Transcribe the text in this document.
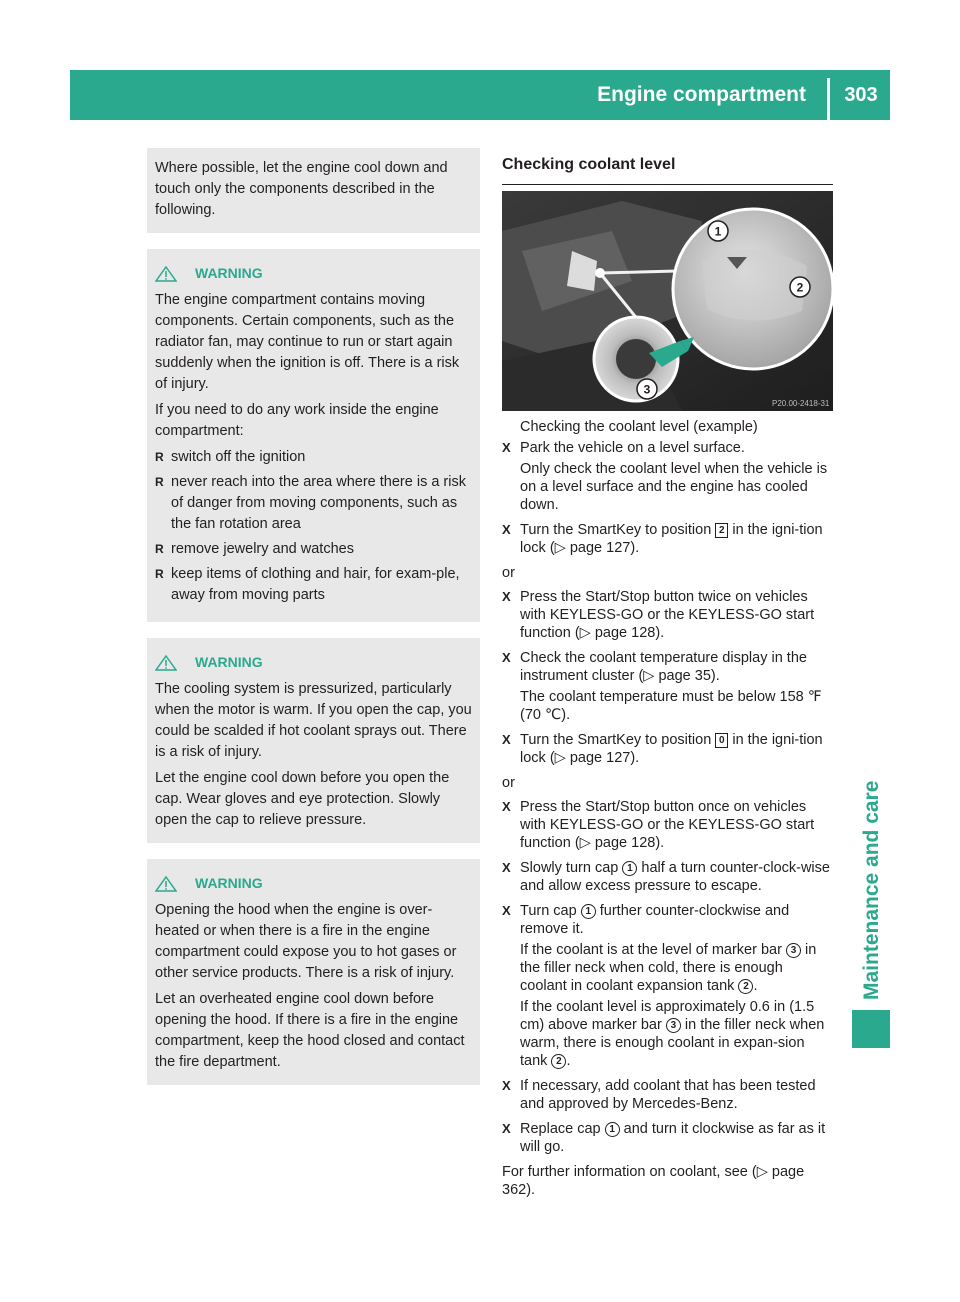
Engine compartment	303
Maintenance and care

Where possible, let the engine cool down and touch only the components described in the following.

WARNING

The engine compartment contains moving components. Certain components, such as the radiator fan, may continue to run or start again suddenly when the ignition is off. There is a risk of injury.

If you need to do any work inside the engine compartment:

R switch off the ignition
R never reach into the area where there is a risk of danger from moving components, such as the fan rotation area
R remove jewelry and watches
R keep items of clothing and hair, for exam-ple, away from moving parts
WARNING

The cooling system is pressurized, particularly when the motor is warm. If you open the cap, you could be scalded if hot coolant sprays out. There is a risk of injury.

Let the engine cool down before you open the cap. Wear gloves and eye protection. Slowly open the cap to relieve pressure.

WARNING

Opening the hood when the engine is over-heated or when there is a fire in the engine compartment could expose you to hot gases or other service products. There is a risk of injury.

Let an overheated engine cool down before opening the hood. If there is a fire in the engine compartment, keep the hood closed and contact the fire department.

Checking coolant level
1
2
3
P20.00-2418-31
Checking the coolant level (example)
X Park the vehicle on a level surface.

Only check the coolant level when the vehicle is on a level surface and the engine has cooled down.

X Turn the SmartKey to position 2 in the igni-tion lock (▷ page 127).
or
X Press the Start/Stop button twice on vehicles with KEYLESS-GO or the KEYLESS-GO start function (▷ page 128).
X Check the coolant temperature display in the instrument cluster (▷ page 35).

The coolant temperature must be below 158 ℉ (70 ℃).

X Turn the SmartKey to position 0 in the igni-tion lock (▷ page 127).
or
X Press the Start/Stop button once on vehicles with KEYLESS-GO or the KEYLESS-GO start function (▷ page 128).
X Slowly turn cap 1 half a turn counter-clock-wise and allow excess pressure to escape.
X Turn cap 1 further counter-clockwise and remove it.

If the coolant is at the level of marker bar 3 in the filler neck when cold, there is enough coolant in coolant expansion tank 2 .

If the coolant level is approximately 0.6 in (1.5 cm) above marker bar 3 in the filler neck when warm, there is enough coolant in expan-sion tank 2 .

X If necessary, add coolant that has been tested and approved by Mercedes-Benz.
X Replace cap 1 and turn it clockwise as far as it will go.
For further information on coolant, see (▷ page 362).
